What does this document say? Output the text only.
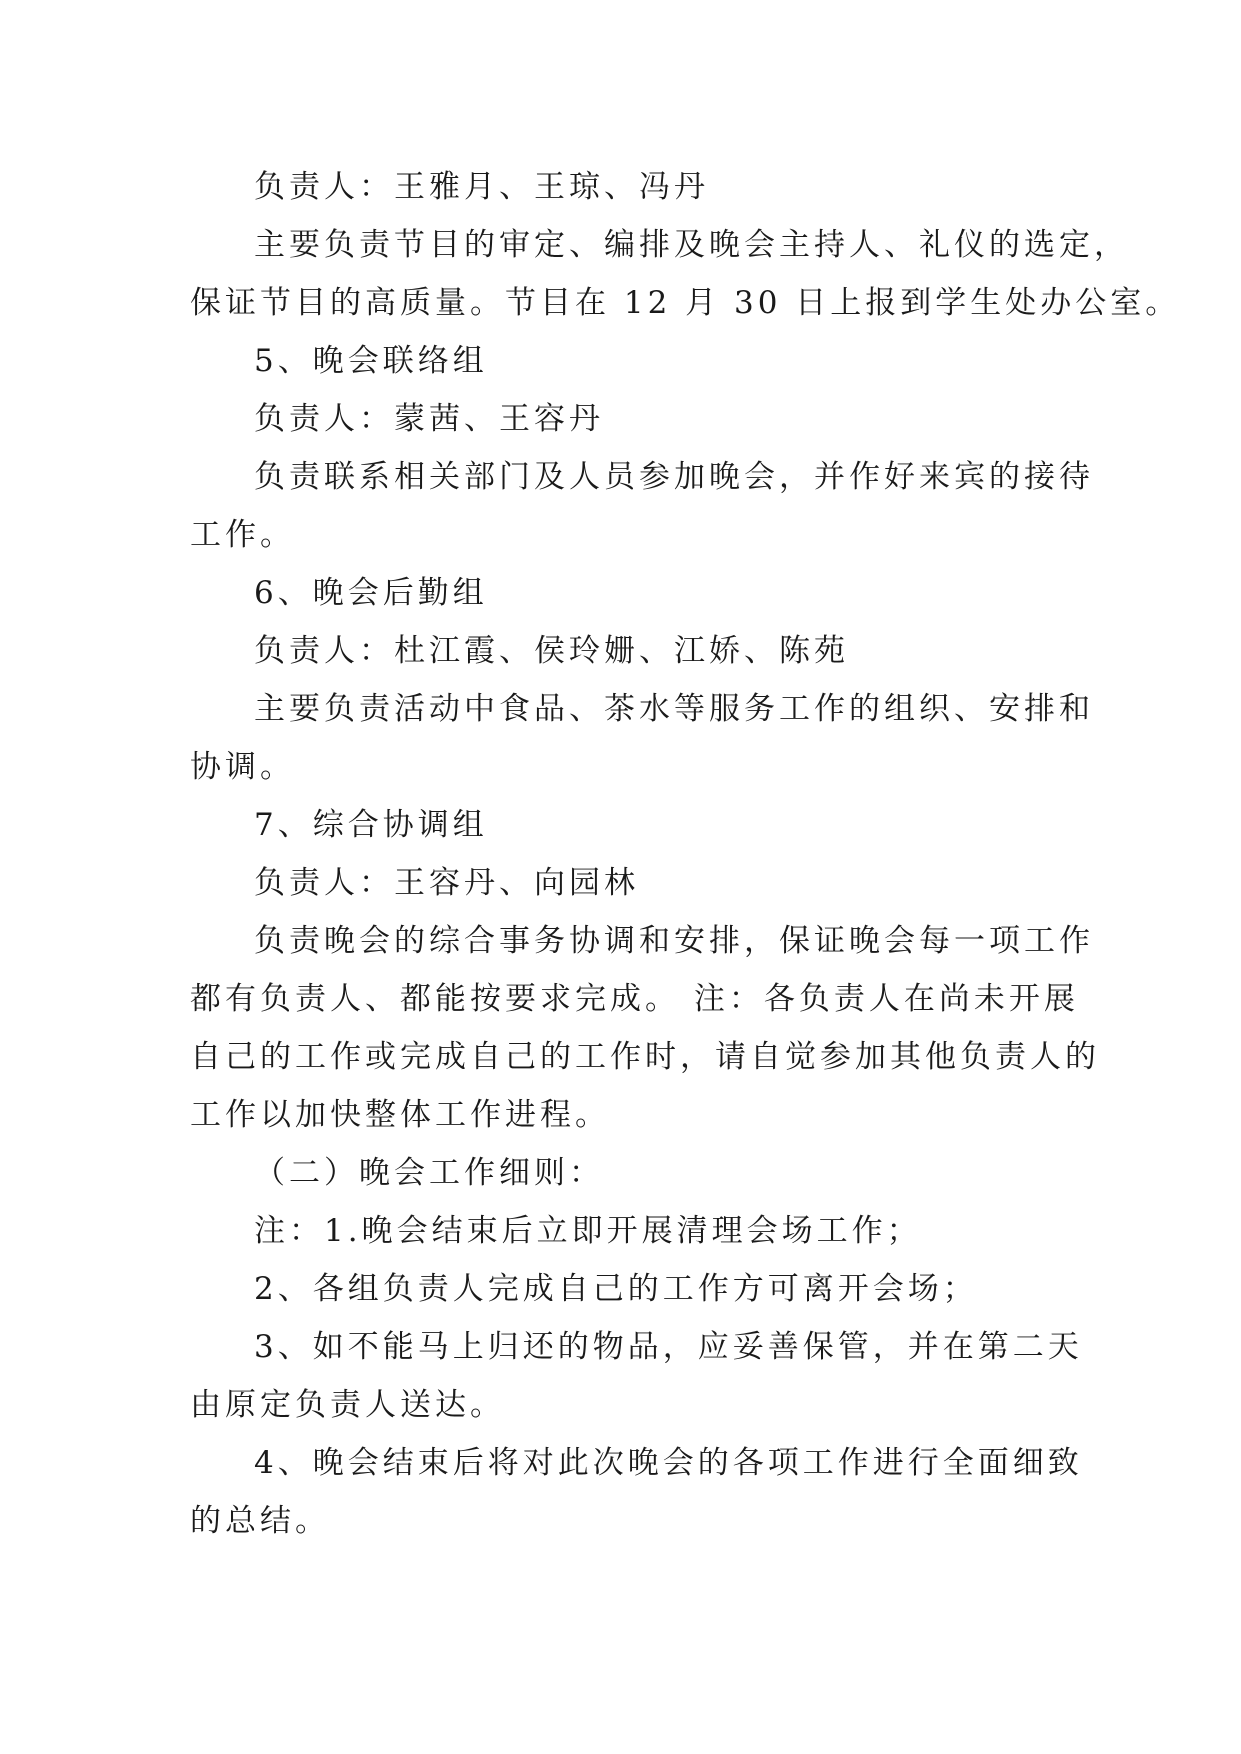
负责人：王雅月、王琼、冯丹
主要负责节目的审定、编排及晚会主持人、礼仪的选定，
保证节目的高质量。节目在 12 月 30 日上报到学生处办公室。
5、晚会联络组
负责人：蒙茜、王容丹
负责联系相关部门及人员参加晚会，并作好来宾的接待
工作。
6、晚会后勤组
负责人：杜江霞、侯玲姗、江娇、陈苑
主要负责活动中食品、茶水等服务工作的组织、安排和
协调。
7、综合协调组
负责人：王容丹、向园林
负责晚会的综合事务协调和安排，保证晚会每一项工作
都有负责人、都能按要求完成。 注：各负责人在尚未开展
自己的工作或完成自己的工作时，请自觉参加其他负责人的
工作以加快整体工作进程。
（二）晚会工作细则：
注：1.晚会结束后立即开展清理会场工作；
2、各组负责人完成自己的工作方可离开会场；
3、如不能马上归还的物品，应妥善保管，并在第二天
由原定负责人送达。
4、晚会结束后将对此次晚会的各项工作进行全面细致
的总结。
